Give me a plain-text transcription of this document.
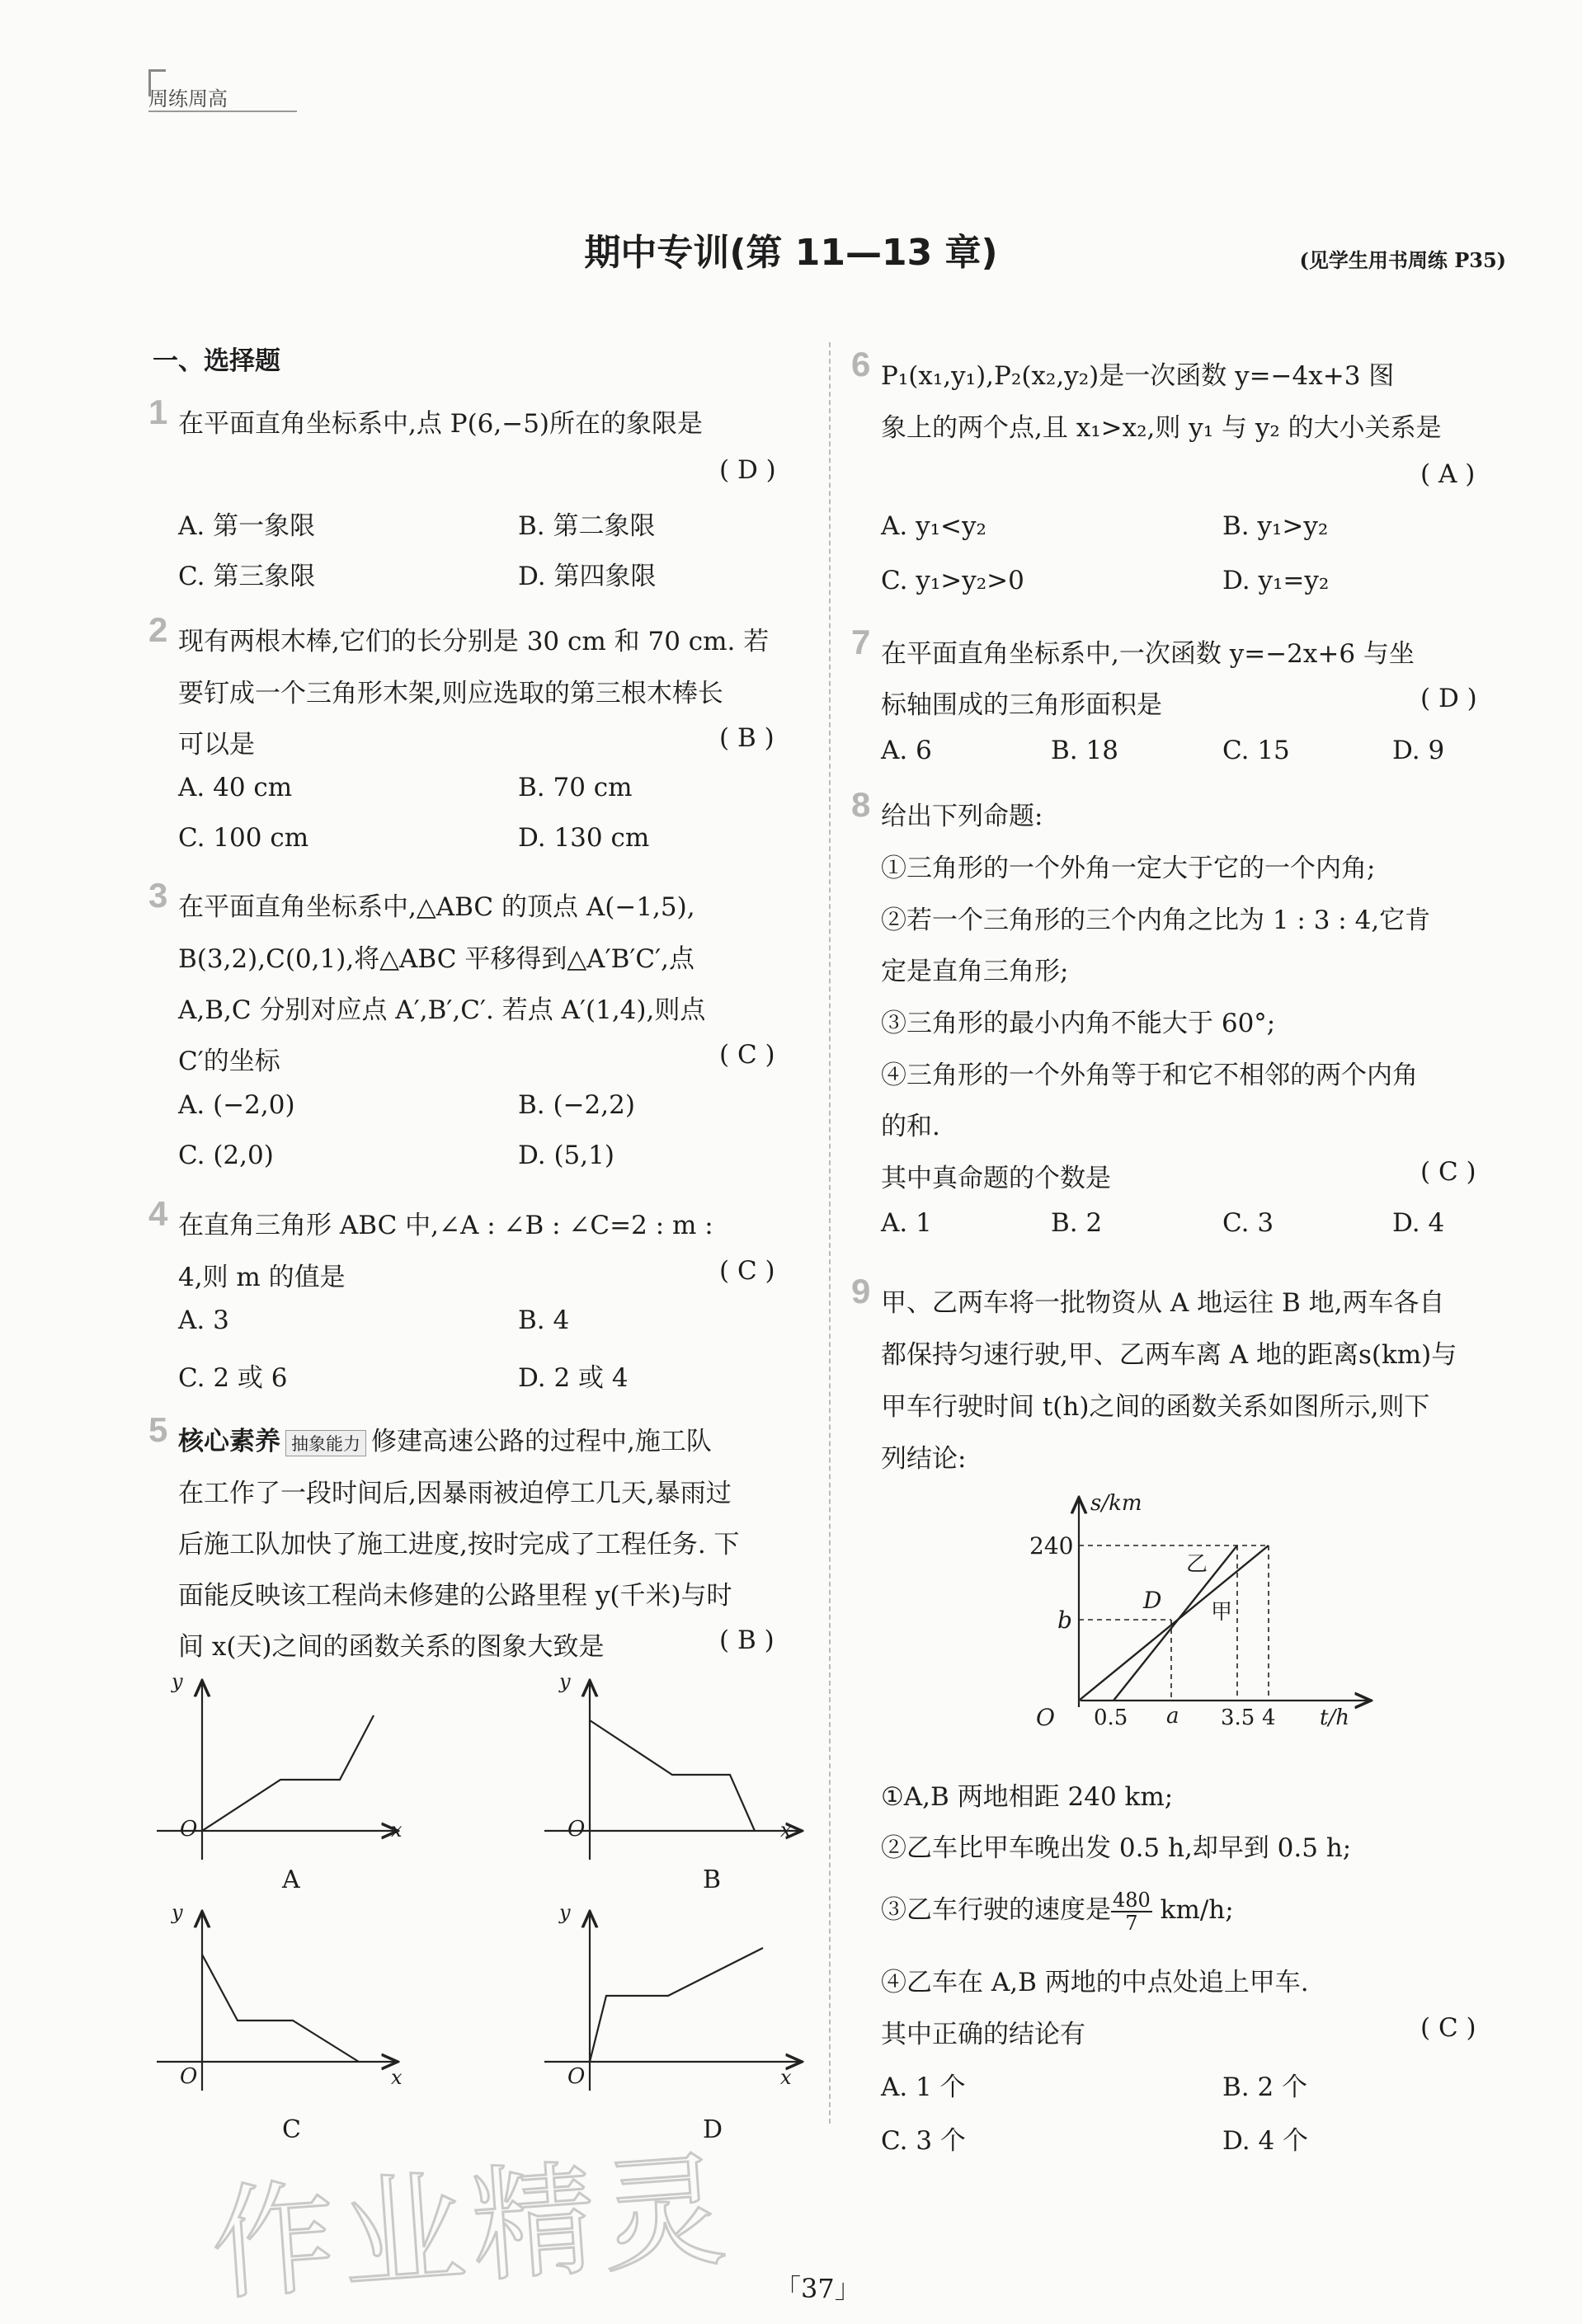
周练周高
期中专训(第 11—13 章)	(见学生用书周练 P35)
一、选择题
1 在平面直角坐标系中,点 P(6,−5)所在的象限是
( D )
A. 第一象限	B. 第二象限
C. 第三象限	D. 第四象限
2 现有两根木棒,它们的长分别是 30 cm 和 70 cm. 若
要钉成一个三角形木架,则应选取的第三根木棒长
可以是	( B )
A. 40 cm	B. 70 cm
C. 100 cm	D. 130 cm
3 在平面直角坐标系中,△ABC 的顶点 A(−1,5),
B(3,2),C(0,1),将△ABC 平移得到△A′B′C′,点
A,B,C 分别对应点 A′,B′,C′. 若点 A′(1,4),则点
C′的坐标	( C )
A. (−2,0)	B. (−2,2)
C. (2,0)	D. (5,1)
4 在直角三角形 ABC 中,∠A : ∠B : ∠C=2 : m :
4,则 m 的值是	( C )
A. 3	B. 4
C. 2 或 6	D. 2 或 4
5 核心素养 抽象能力 修建高速公路的过程中,施工队
在工作了一段时间后,因暴雨被迫停工几天,暴雨过
后施工队加快了施工进度,按时完成了工程任务. 下
面能反映该工程尚未修建的公路里程 y(千米)与时
间 x(天)之间的函数关系的图象大致是	( B )
y
O	x
A
y
O	x
B
y
O	x
C
y
O	x
D
6 P₁(x₁,y₁),P₂(x₂,y₂)是一次函数 y=−4x+3 图
象上的两个点,且 x₁>x₂,则 y₁ 与 y₂ 的大小关系是
( A )
A. y₁<y₂	B. y₁>y₂
C. y₁>y₂>0	D. y₁=y₂
7 在平面直角坐标系中,一次函数 y=−2x+6 与坐
标轴围成的三角形面积是	( D )
A. 6	B. 18	C. 15	D. 9
8 给出下列命题:
①三角形的一个外角一定大于它的一个内角;
②若一个三角形的三个内角之比为 1 : 3 : 4,它肯
定是直角三角形;
③三角形的最小内角不能大于 60°;
④三角形的一个外角等于和它不相邻的两个内角
的和.
其中真命题的个数是	( C )
A. 1	B. 2	C. 3	D. 4
9 甲、乙两车将一批物资从 A 地运往 B 地,两车各自
都保持匀速行驶,甲、乙两车离 A 地的距离s(km)与
甲车行驶时间 t(h)之间的函数关系如图所示,则下
列结论:
s/km
240
b
D
乙
甲
O 0.5 a 3.5 4 t/h
①A,B 两地相距 240 km;
②乙车比甲车晚出发 0.5 h,却早到 0.5 h;
③乙车行驶的速度是 $\frac{480}{7} km/h$;
④乙车在 A,B 两地的中点处追上甲车.
其中正确的结论有	( C )
A. 1 个	B. 2 个
C. 3 个	D. 4 个
作业精灵 「37」
